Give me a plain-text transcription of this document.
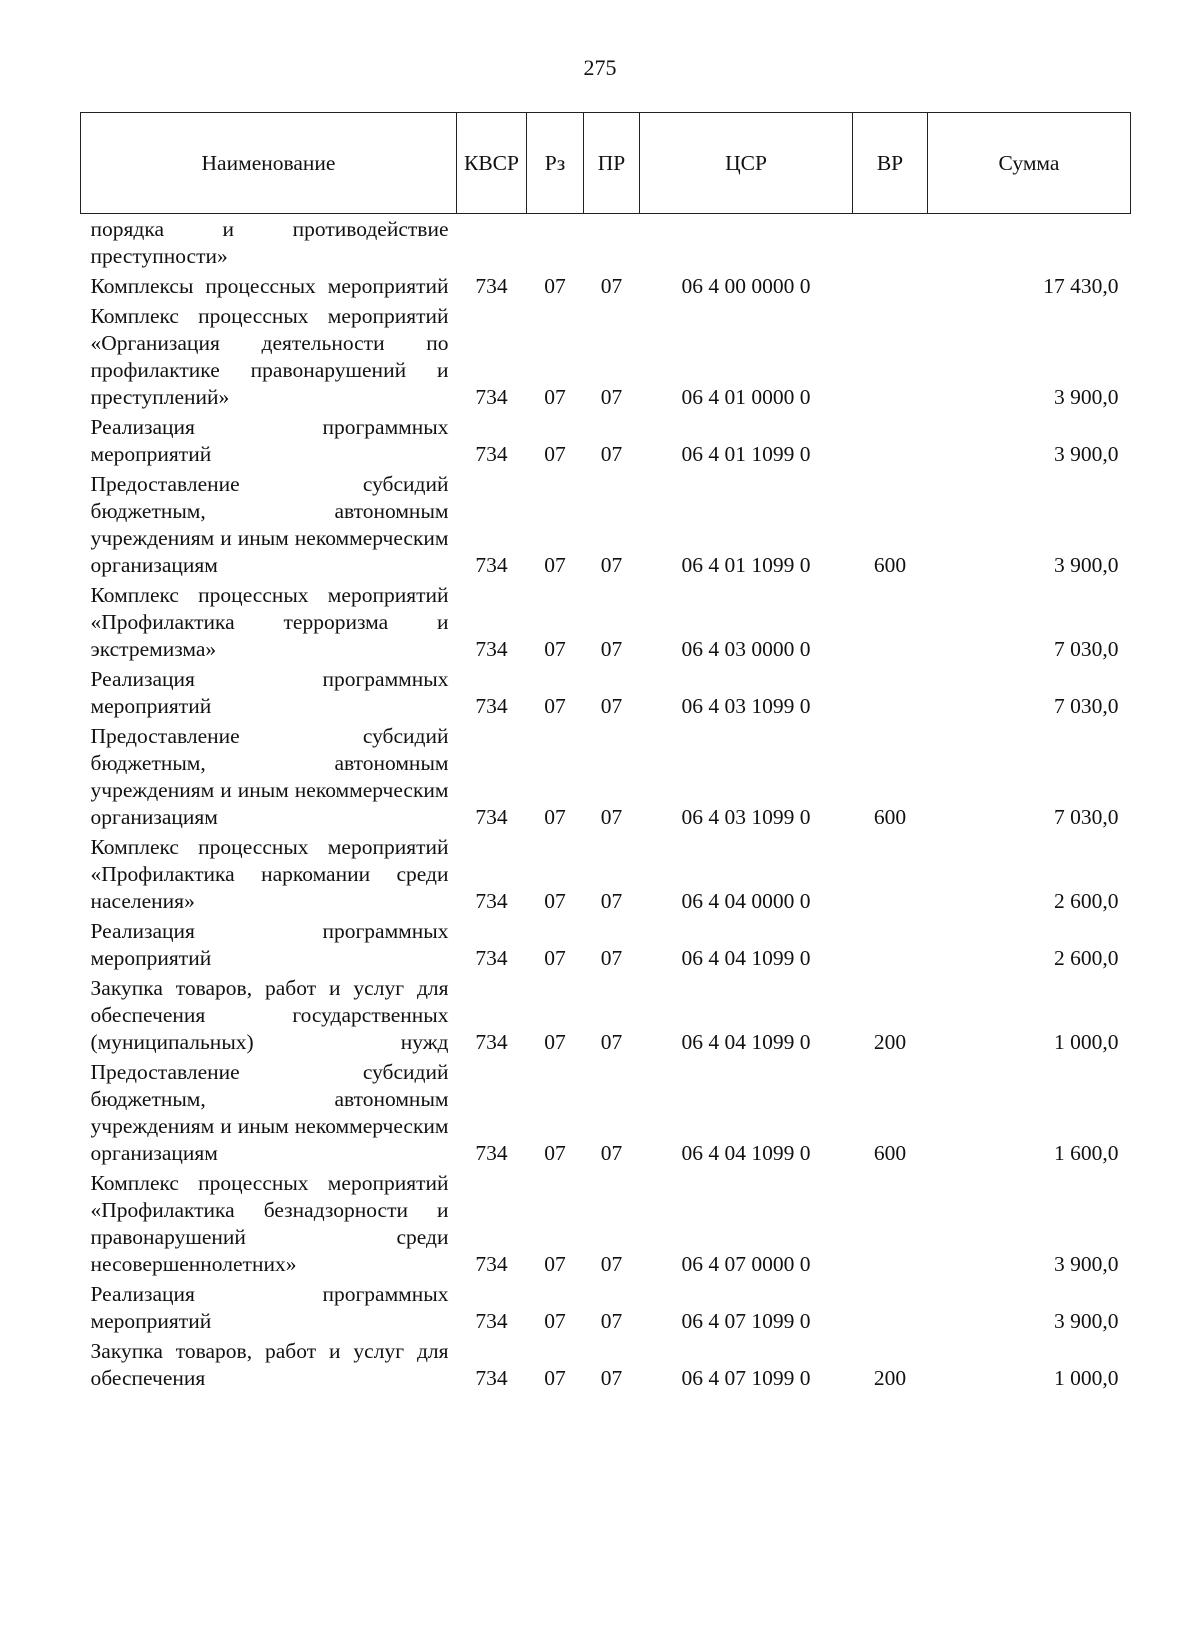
275
Наименование	КВСР	Рз	ПР	ЦСР	ВР	Сумма
порядка и противодействие преступности»						
Комплексы процессных мероприятий	734	07	07	06 4 00 0000 0		17 430,0
Комплекс процессных мероприятий «Организация деятельности по профилактике правонарушений и преступлений»	734	07	07	06 4 01 0000 0		3 900,0
Реализация программных мероприятий	734	07	07	06 4 01 1099 0		3 900,0
Предоставление субсидий бюджетным, автономным учреждениям и иным некоммерческим организациям	734	07	07	06 4 01 1099 0	600	3 900,0
Комплекс процессных мероприятий «Профилактика терроризма и экстремизма»	734	07	07	06 4 03 0000 0		7 030,0
Реализация программных мероприятий	734	07	07	06 4 03 1099 0		7 030,0
Предоставление субсидий бюджетным, автономным учреждениям и иным некоммерческим организациям	734	07	07	06 4 03 1099 0	600	7 030,0
Комплекс процессных мероприятий «Профилактика наркомании среди населения»	734	07	07	06 4 04 0000 0		2 600,0
Реализация программных мероприятий	734	07	07	06 4 04 1099 0		2 600,0
Закупка товаров, работ и услуг для обеспечения государственных (муниципальных) нужд	734	07	07	06 4 04 1099 0	200	1 000,0
Предоставление субсидий бюджетным, автономным учреждениям и иным некоммерческим организациям	734	07	07	06 4 04 1099 0	600	1 600,0
Комплекс процессных мероприятий «Профилактика безнадзорности и правонарушений среди несовершеннолетних»	734	07	07	06 4 07 0000 0		3 900,0
Реализация программных мероприятий	734	07	07	06 4 07 1099 0		3 900,0
Закупка товаров, работ и услуг для обеспечения	734	07	07	06 4 07 1099 0	200	1 000,0
